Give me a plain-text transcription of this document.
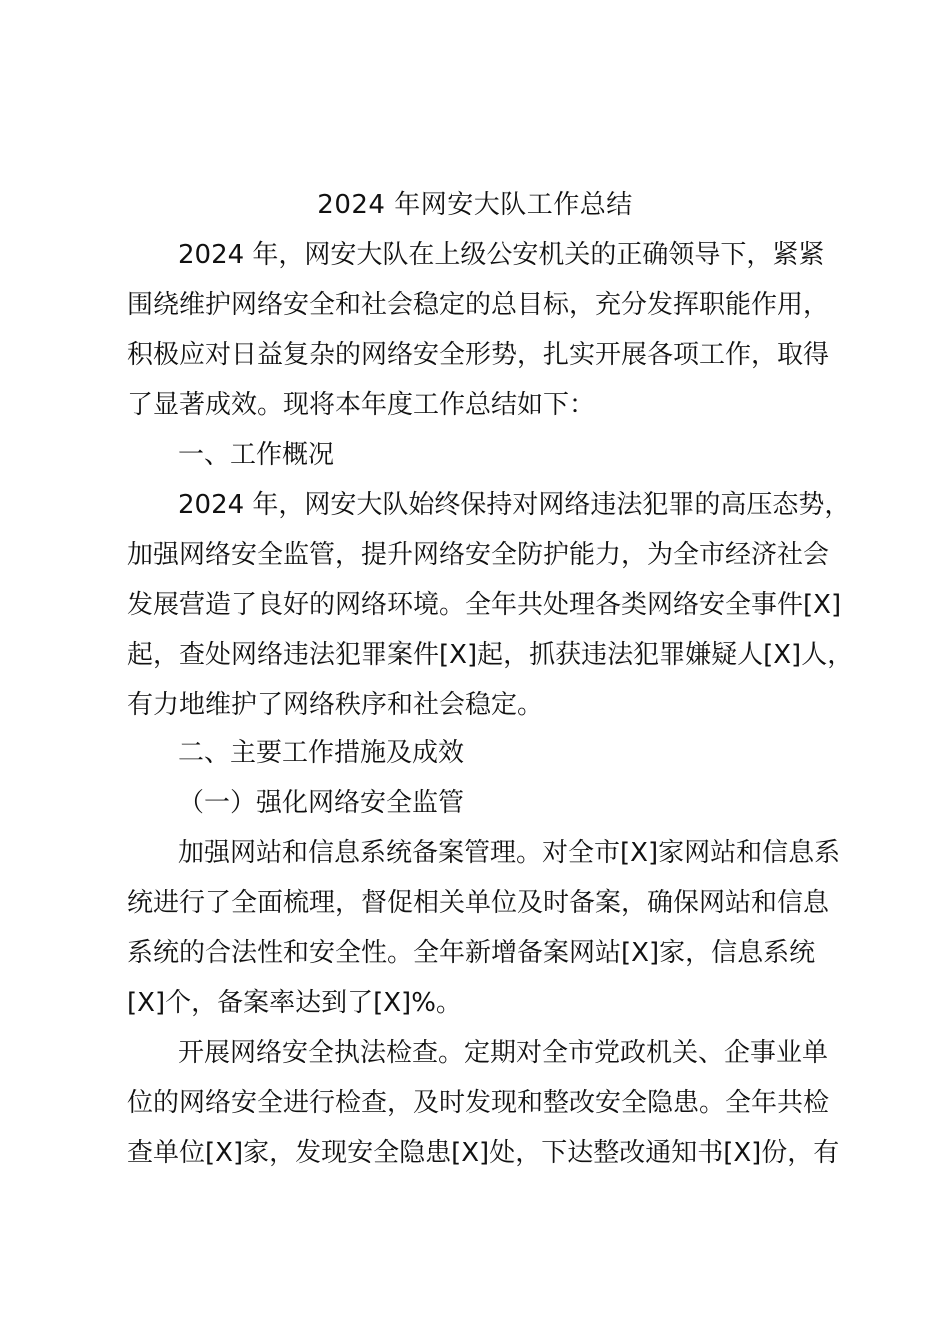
2024 年网安大队工作总结
2024 年，网安大队在上级公安机关的正确领导下，紧紧
围绕维护网络安全和社会稳定的总目标，充分发挥职能作用，
积极应对日益复杂的网络安全形势，扎实开展各项工作，取得
了显著成效。现将本年度工作总结如下：
一、工作概况
2024 年，网安大队始终保持对网络违法犯罪的高压态势，
加强网络安全监管，提升网络安全防护能力，为全市经济社会
发展营造了良好的网络环境。全年共处理各类网络安全事件[X]
起，查处网络违法犯罪案件[X]起，抓获违法犯罪嫌疑人[X]人，
有力地维护了网络秩序和社会稳定。
二、主要工作措施及成效
（一）强化网络安全监管
加强网站和信息系统备案管理。对全市[X]家网站和信息系
统进行了全面梳理，督促相关单位及时备案，确保网站和信息
系统的合法性和安全性。全年新增备案网站[X]家，信息系统
[X]个，备案率达到了[X]%。
开展网络安全执法检查。定期对全市党政机关、企事业单
位的网络安全进行检查，及时发现和整改安全隐患。全年共检
查单位[X]家，发现安全隐患[X]处，下达整改通知书[X]份，有
